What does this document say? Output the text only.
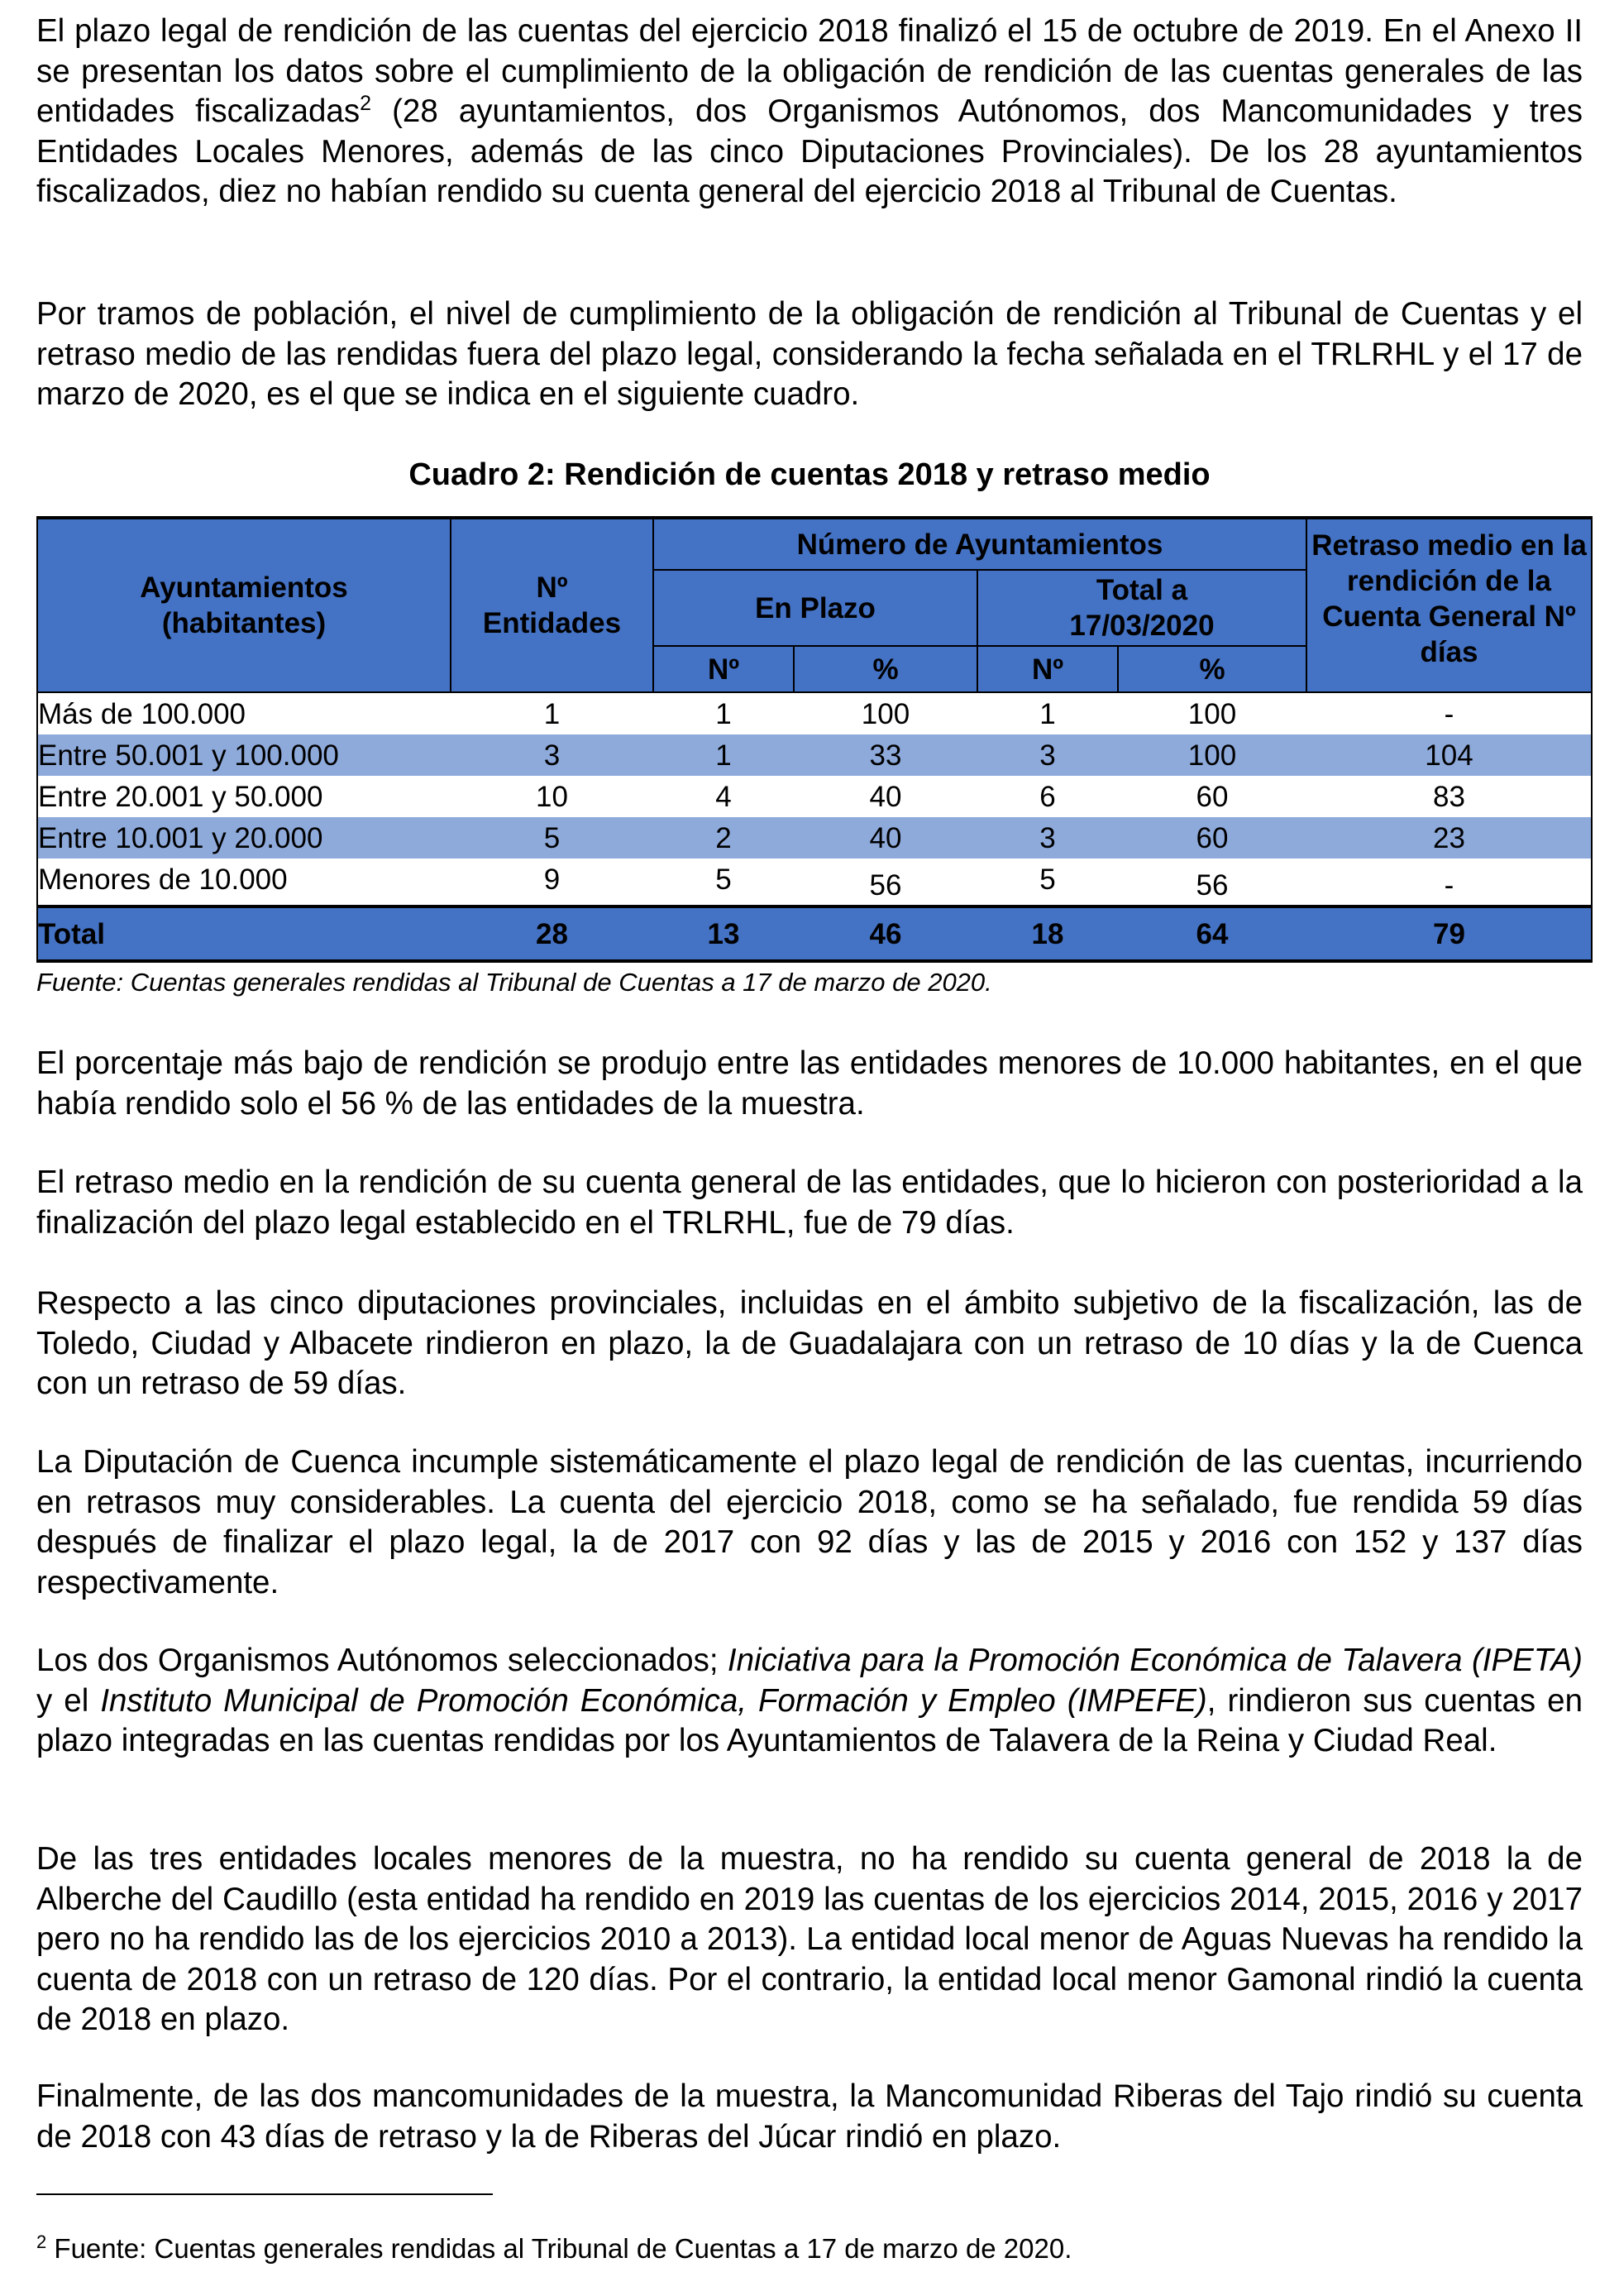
El plazo legal de rendición de las cuentas del ejercicio 2018 finalizó el 15 de octubre de 2019. En el Anexo II se presentan los datos sobre el cumplimiento de la obligación de rendición de las cuentas generales de las entidades fiscalizadas$^2$ (28 ayuntamientos, dos Organismos Autónomos, dos Mancomunidades y tres Entidades Locales Menores, además de las cinco Diputaciones Provinciales). De los 28 ayuntamientos fiscalizados, diez no habían rendido su cuenta general del ejercicio 2018 al Tribunal de Cuentas.

Por tramos de población, el nivel de cumplimiento de la obligación de rendición al Tribunal de Cuentas y el retraso medio de las rendidas fuera del plazo legal, considerando la fecha señalada en el TRLRHL y el 17 de marzo de 2020, es el que se indica en el siguiente cuadro.

Cuadro 2: Rendición de cuentas 2018 y retraso medio

Ayuntamientos (habitantes)
Nº Entidades
Número de Ayuntamientos
En Plazo
Total a 17/03/2020
Retraso medio en la rendición de la Cuenta General Nº días
Nº	%	Nº	%
Más de 100.000	1	1	100	1	100	-
Entre 50.001 y 100.000	3	1	33	3	100	104
Entre 20.001 y 50.000	10	4	40	6	60	83
Entre 10.001 y 20.000	5	2	40	3	60	23
Menores de 10.000	9	5	56	5	56	-
Total	28	13	46	18	64	79

Fuente: Cuentas generales rendidas al Tribunal de Cuentas a 17 de marzo de 2020.

El porcentaje más bajo de rendición se produjo entre las entidades menores de 10.000 habitantes, en el que había rendido solo el 56 % de las entidades de la muestra.

El retraso medio en la rendición de su cuenta general de las entidades, que lo hicieron con posterioridad a la finalización del plazo legal establecido en el TRLRHL, fue de 79 días.

Respecto a las cinco diputaciones provinciales, incluidas en el ámbito subjetivo de la fiscalización, las de Toledo, Ciudad y Albacete rindieron en plazo, la de Guadalajara con un retraso de 10 días y la de Cuenca con un retraso de 59 días.

La Diputación de Cuenca incumple sistemáticamente el plazo legal de rendición de las cuentas, incurriendo en retrasos muy considerables. La cuenta del ejercicio 2018, como se ha señalado, fue rendida 59 días después de finalizar el plazo legal, la de 2017 con 92 días y las de 2015 y 2016 con 152 y 137 días respectivamente.

Los dos Organismos Autónomos seleccionados; Iniciativa para la Promoción Económica de Talavera (IPETA) y el Instituto Municipal de Promoción Económica, Formación y Empleo (IMPEFE), rindieron sus cuentas en plazo integradas en las cuentas rendidas por los Ayuntamientos de Talavera de la Reina y Ciudad Real.

De las tres entidades locales menores de la muestra, no ha rendido su cuenta general de 2018 la de Alberche del Caudillo (esta entidad ha rendido en 2019 las cuentas de los ejercicios 2014, 2015, 2016 y 2017 pero no ha rendido las de los ejercicios 2010 a 2013). La entidad local menor de Aguas Nuevas ha rendido la cuenta de 2018 con un retraso de 120 días. Por el contrario, la entidad local menor Gamonal rindió la cuenta de 2018 en plazo.

Finalmente, de las dos mancomunidades de la muestra, la Mancomunidad Riberas del Tajo rindió su cuenta de 2018 con 43 días de retraso y la de Riberas del Júcar rindió en plazo.

$^2$ Fuente: Cuentas generales rendidas al Tribunal de Cuentas a 17 de marzo de 2020.
